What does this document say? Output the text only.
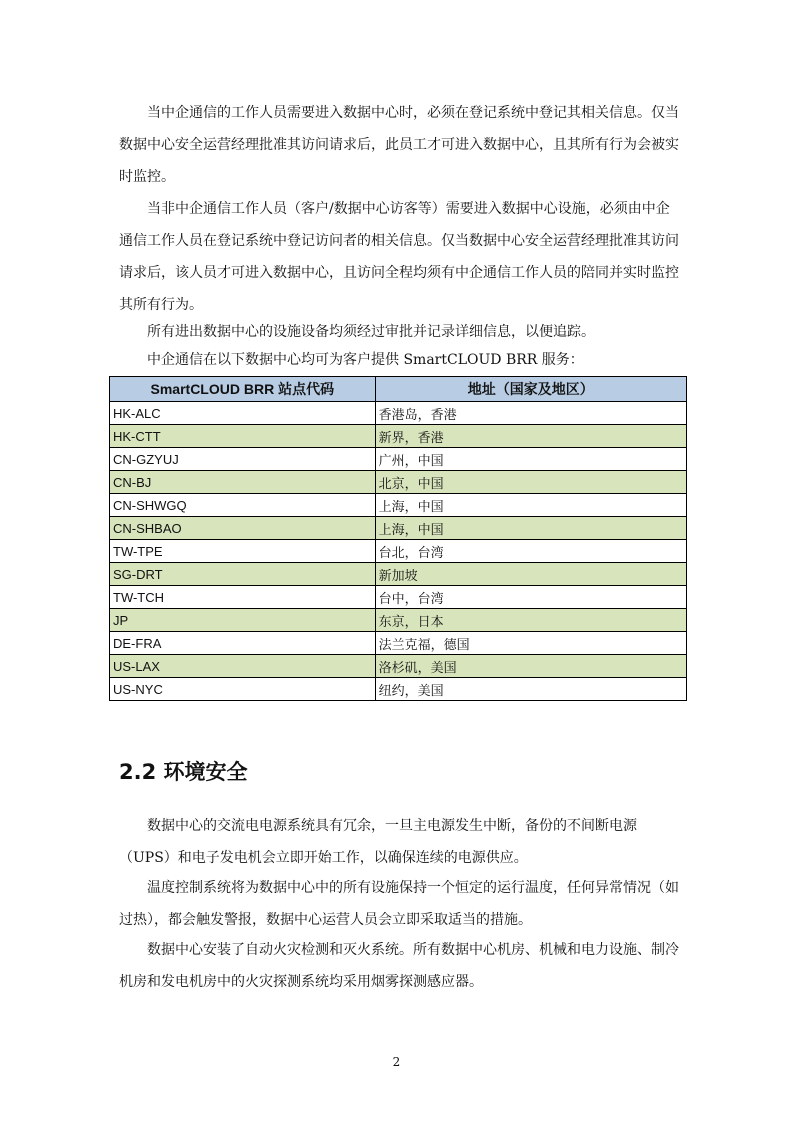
当中企通信的工作人员需要进入数据中心时，必须在登记系统中登记其相关信息。仅当数据中心安全运营经理批准其访问请求后，此员工才可进入数据中心，且其所有行为会被实时监控。

当非中企通信工作人员（客户/数据中心访客等）需要进入数据中心设施，必须由中企通信工作人员在登记系统中登记访问者的相关信息。仅当数据中心安全运营经理批准其访问请求后，该人员才可进入数据中心，且访问全程均须有中企通信工作人员的陪同并实时监控其所有行为。

所有进出数据中心的设施设备均须经过审批并记录详细信息，以便追踪。

中企通信在以下数据中心均可为客户提供 SmartCLOUD BRR 服务：

SmartCLOUD BRR 站点代码	地址（国家及地区）
HK-ALC	香港岛，香港
HK-CTT	新界，香港
CN-GZYUJ	广州，中国
CN-BJ	北京，中国
CN-SHWGQ	上海，中国
CN-SHBAO	上海，中国
TW-TPE	台北，台湾
SG-DRT	新加坡
TW-TCH	台中，台湾
JP	东京，日本
DE-FRA	法兰克福，德国
US-LAX	洛杉矶，美国
US-NYC	纽约，美国
2.2 环境安全

数据中心的交流电电源系统具有冗余，一旦主电源发生中断，备份的不间断电源（UPS）和电子发电机会立即开始工作，以确保连续的电源供应。

温度控制系统将为数据中心中的所有设施保持一个恒定的运行温度，任何异常情况（如过热），都会触发警报，数据中心运营人员会立即采取适当的措施。

数据中心安装了自动火灾检测和灭火系统。所有数据中心机房、机械和电力设施、制冷机房和发电机房中的火灾探测系统均采用烟雾探测感应器。

2
